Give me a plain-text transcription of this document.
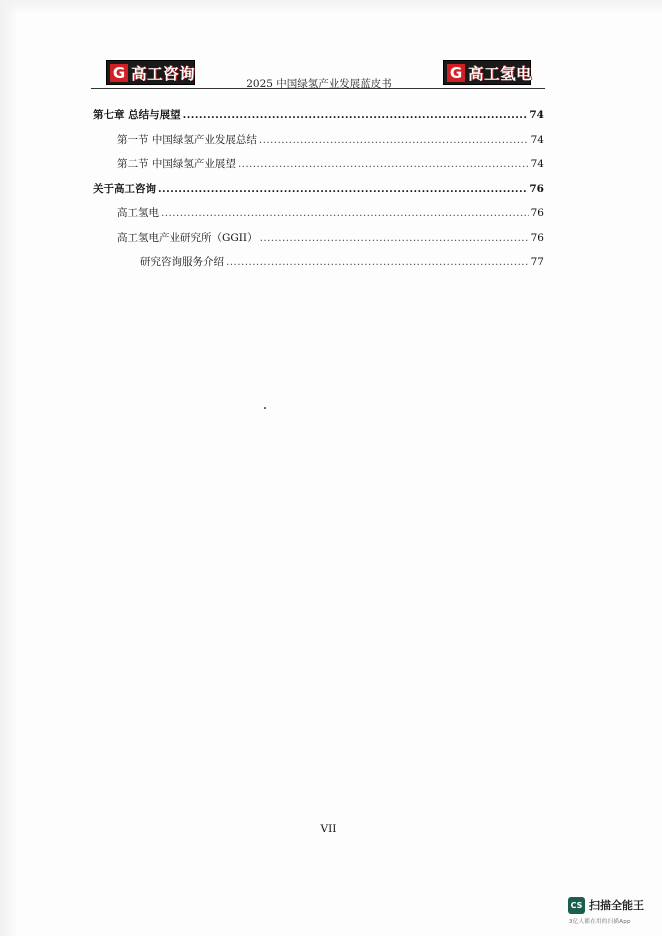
G 高工咨询
2025 中国绿氢产业发展蓝皮书
G 高工氢电
第七章 总结与展望 .....	74
第一节 中国绿氢产业发展总结 .....	74
第二节 中国绿氢产业展望 .....	74
关于高工咨询 .....	76
高工氢电 .....	76
高工氢电产业研究所（GGII） .....	76
研究咨询服务介绍 .....	77
VII
CS 扫描全能王
3亿人都在用的扫描App
